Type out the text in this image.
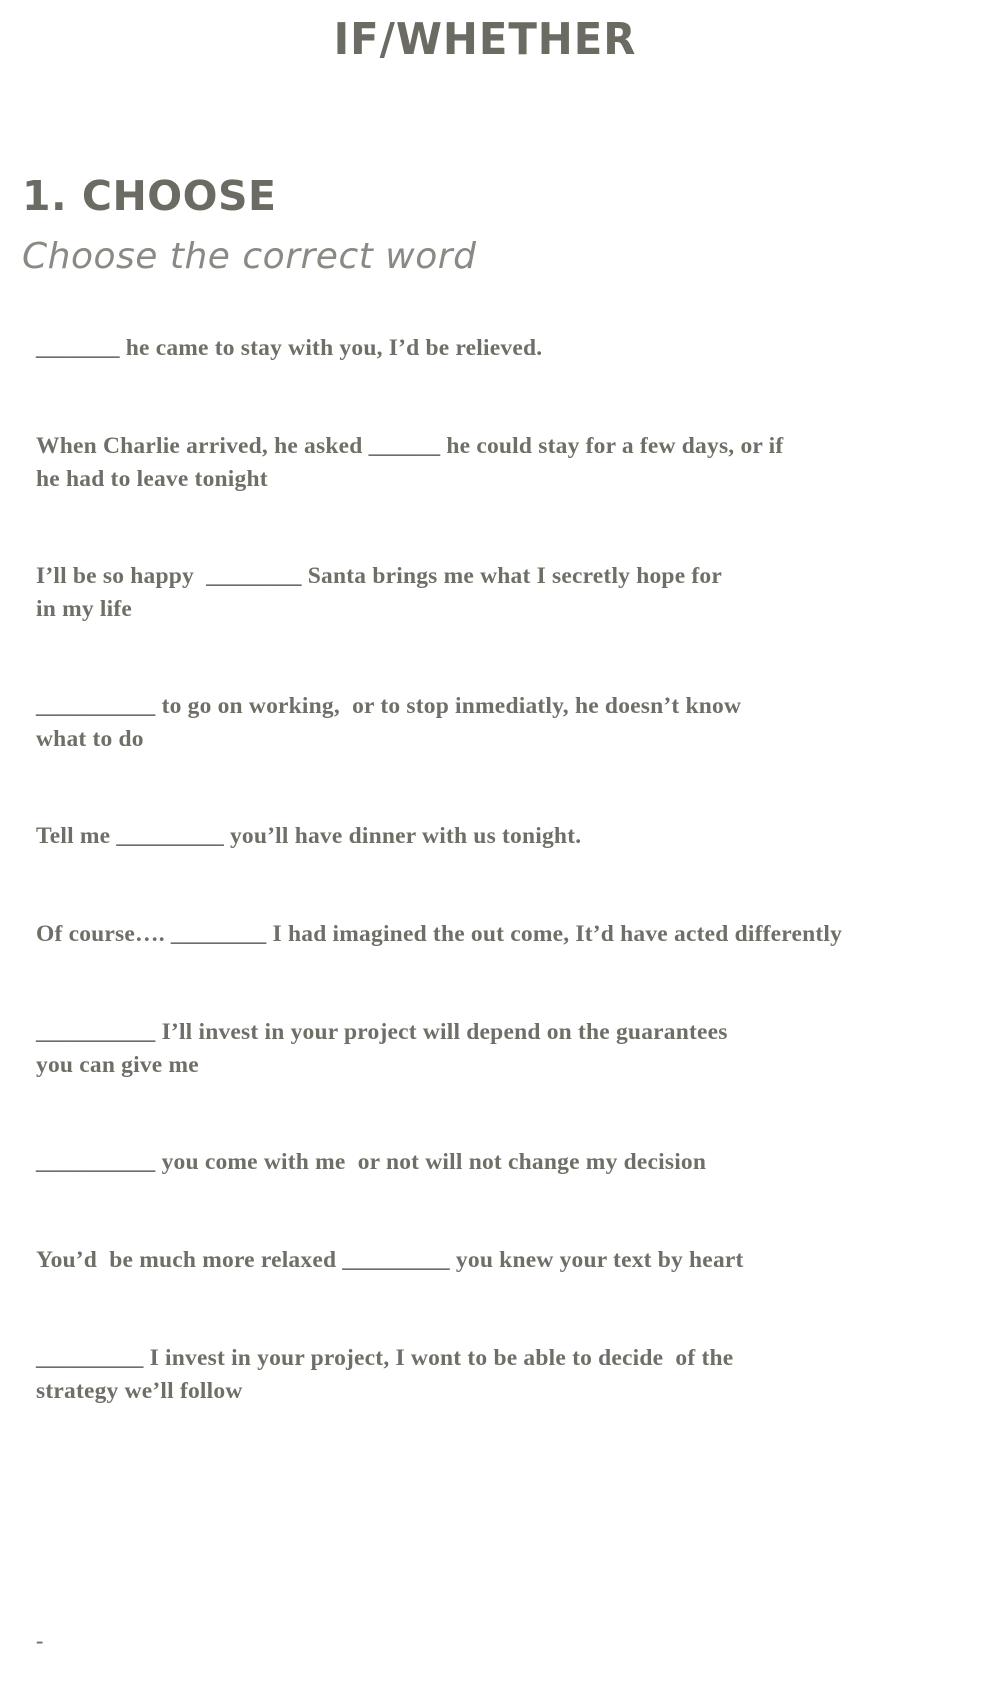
IF/WHETHER
1. CHOOSE
Choose the correct word
_______ he came to stay with you, I’d be relieved.
When Charlie arrived, he asked ______ he could stay for a few days, or if
he had to leave tonight
I’ll be so happy  ________ Santa brings me what I secretly hope for
in my life
__________ to go on working,  or to stop inmediatly, he doesn’t know
what to do
Tell me _________ you’ll have dinner with us tonight.
Of course…. ________ I had imagined the out come, It’d have acted differently
__________ I’ll invest in your project will depend on the guarantees
you can give me
__________ you come with me  or not will not change my decision
You’d  be much more relaxed _________ you knew your text by heart
_________ I invest in your project, I wont to be able to decide  of the
strategy we’ll follow
-
